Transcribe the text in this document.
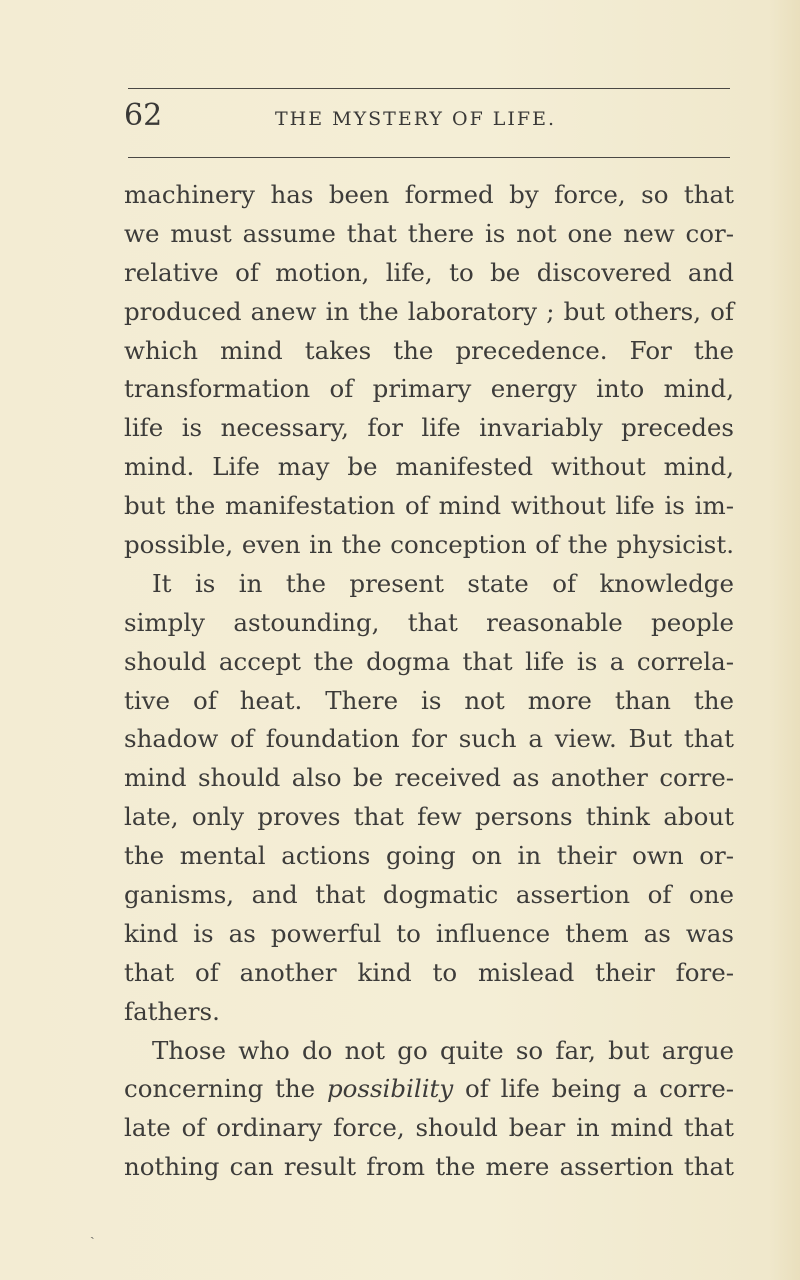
62	THE MYSTERY OF LIFE.
machinery has been formed by force, so that
we must assume that there is not one new cor-
relative of motion, life, to be discovered and
produced anew in the laboratory ; but others, of
which mind takes the precedence. For the
transformation of primary energy into mind,
life is necessary, for life invariably precedes
mind. Life may be manifested without mind,
but the manifestation of mind without life is im-
possible, even in the conception of the physicist.
It is in the present state of knowledge
simply astounding, that reasonable people
should accept the dogma that life is a correla-
tive of heat. There is not more than the
shadow of foundation for such a view. But that
mind should also be received as another corre-
late, only proves that few persons think about
the mental actions going on in their own or-
ganisms, and that dogmatic assertion of one
kind is as powerful to influence them as was
that of another kind to mislead their fore-
fathers.
Those who do not go quite so far, but argue
concerning the possibility of life being a corre-
late of ordinary force, should bear in mind that
nothing can result from the mere assertion that
ˎ
